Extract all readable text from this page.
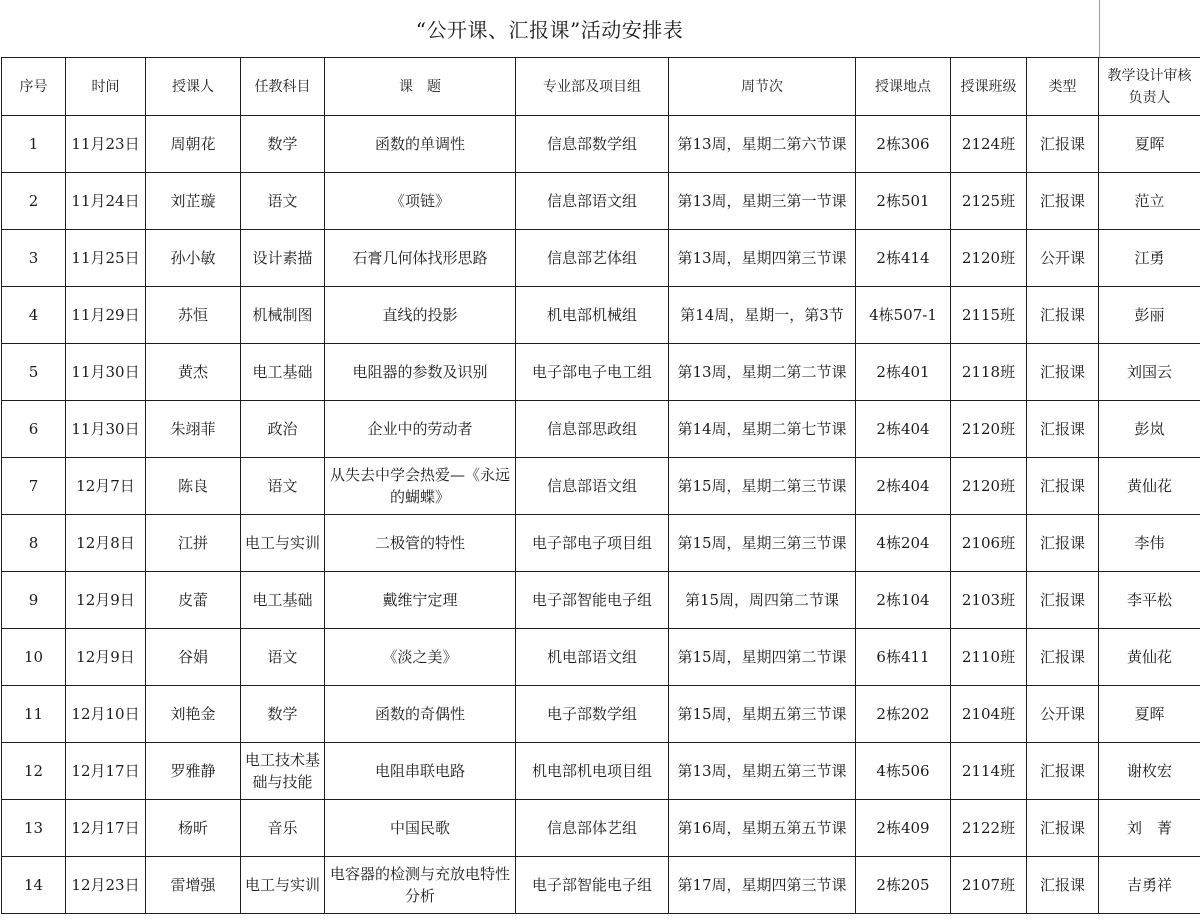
“公开课、汇报课”活动安排表
序号	时间	授课人	任教科目	课　题	专业部及项目组	周节次	授课地点	授课班级	类型	教学设计审核负责人

1	11月23日	周朝花	数学	函数的单调性	信息部数学组	第13周，星期二第六节课	2栋306	2124班	汇报课	夏晖

2	11月24日	刘芷璇	语文	《项链》	信息部语文组	第13周，星期三第一节课	2栋501	2125班	汇报课	范立

3	11月25日	孙小敏	设计素描	石膏几何体找形思路	信息部艺体组	第13周，星期四第三节课	2栋414	2120班	公开课	江勇

4	11月29日	苏恒	机械制图	直线的投影	机电部机械组	第14周，星期一，第3节	4栋507-1	2115班	汇报课	彭丽

5	11月30日	黄杰	电工基础	电阻器的参数及识别	电子部电子电工组	第13周，星期二第二节课	2栋401	2118班	汇报课	刘国云

6	11月30日	朱翊菲	政治	企业中的劳动者	信息部思政组	第14周，星期二第七节课	2栋404	2120班	汇报课	彭岚

7	12月7日	陈良	语文	从失去中学会热爱—《永远的蝴蝶》	信息部语文组	第15周，星期二第三节课	2栋404	2120班	汇报课	黄仙花

8	12月8日	江拼	电工与实训	二极管的特性	电子部电子项目组	第15周，星期三第三节课	4栋204	2106班	汇报课	李伟

9	12月9日	皮蕾	电工基础	戴维宁定理	电子部智能电子组	第15周，周四第二节课	2栋104	2103班	汇报课	李平松

10	12月9日	谷娟	语文	《淡之美》	机电部语文组	第15周，星期四第二节课	6栋411	2110班	汇报课	黄仙花

11	12月10日	刘艳金	数学	函数的奇偶性	电子部数学组	第15周，星期五第三节课	2栋202	2104班	公开课	夏晖

12	12月17日	罗雅静	电工技术基础与技能	电阻串联电路	机电部机电项目组	第13周，星期五第三节课	4栋506	2114班	汇报课	谢枚宏

13	12月17日	杨昕	音乐	中国民歌	信息部体艺组	第16周，星期五第五节课	2栋409	2122班	汇报课	刘　菁

14	12月23日	雷增强	电工与实训	电容器的检测与充放电特性分析	电子部智能电子组	第17周，星期四第三节课	2栋205	2107班	汇报课	吉勇祥
